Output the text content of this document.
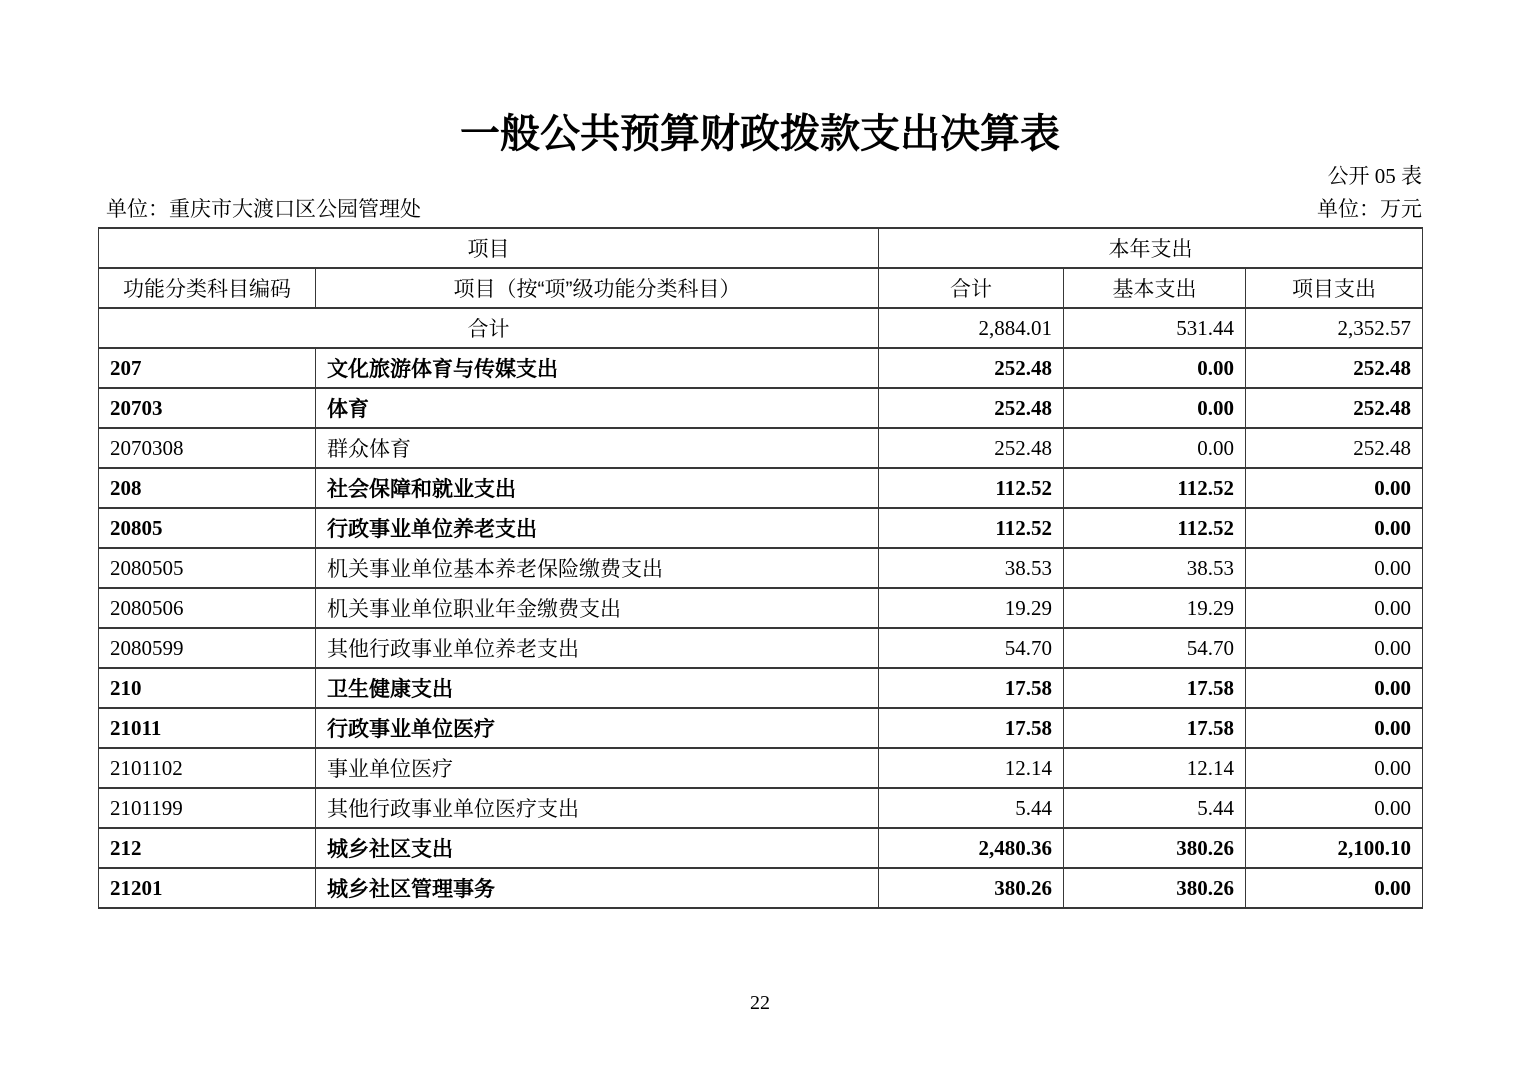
一般公共预算财政拨款支出决算表
公开 05 表
单位：重庆市大渡口区公园管理处	单位：万元
项目		本年支出		
功能分类科目编码	项目（按“项”级功能分类科目）	合计	基本支出	项目支出
合计		2,884.01	531.44	2,352.57
207	文化旅游体育与传媒支出	252.48	0.00	252.48
20703	体育	252.48	0.00	252.48
2070308	群众体育	252.48	0.00	252.48
208	社会保障和就业支出	112.52	112.52	0.00
20805	行政事业单位养老支出	112.52	112.52	0.00
2080505	机关事业单位基本养老保险缴费支出	38.53	38.53	0.00
2080506	机关事业单位职业年金缴费支出	19.29	19.29	0.00
2080599	其他行政事业单位养老支出	54.70	54.70	0.00
210	卫生健康支出	17.58	17.58	0.00
21011	行政事业单位医疗	17.58	17.58	0.00
2101102	事业单位医疗	12.14	12.14	0.00
2101199	其他行政事业单位医疗支出	5.44	5.44	0.00
212	城乡社区支出	2,480.36	380.26	2,100.10
21201	城乡社区管理事务	380.26	380.26	0.00
22
